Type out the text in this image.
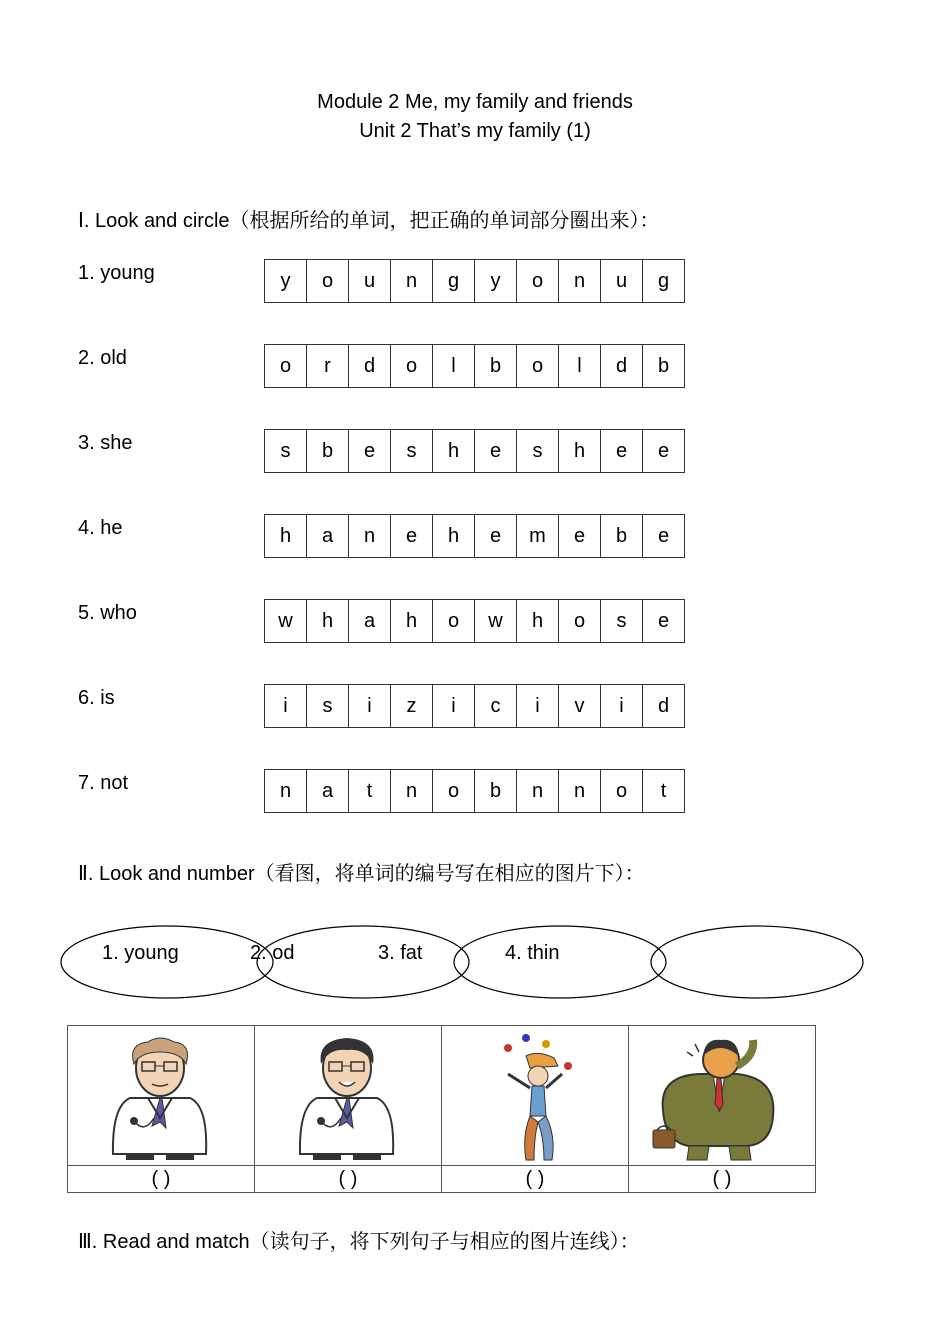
Module 2 Me, my family and friends
Unit 2 That’s my family (1)
Ⅰ. Look and circle（根据所给的单词，把正确的单词部分圈出来）：
1. young	y	o	u	n	g	y	o	n	u	g
2. old	o	r	d	o	l	b	o	l	d	b
3. she	s	b	e	s	h	e	s	h	e	e
4. he	h	a	n	e	h	e	m	e	b	e
5. who	w	h	a	h	o	w	h	o	s	e
6. is	i	s	i	z	i	c	i	v	i	d
7. not	n	a	t	n	o	b	n	n	o	t
Ⅱ. Look and number（看图，将单词的编号写在相应的图片下）：
1. young	2. od	3. fat	4. thin

( )	( )	( )	( )
Ⅲ. Read and match（读句子，将下列句子与相应的图片连线）：
